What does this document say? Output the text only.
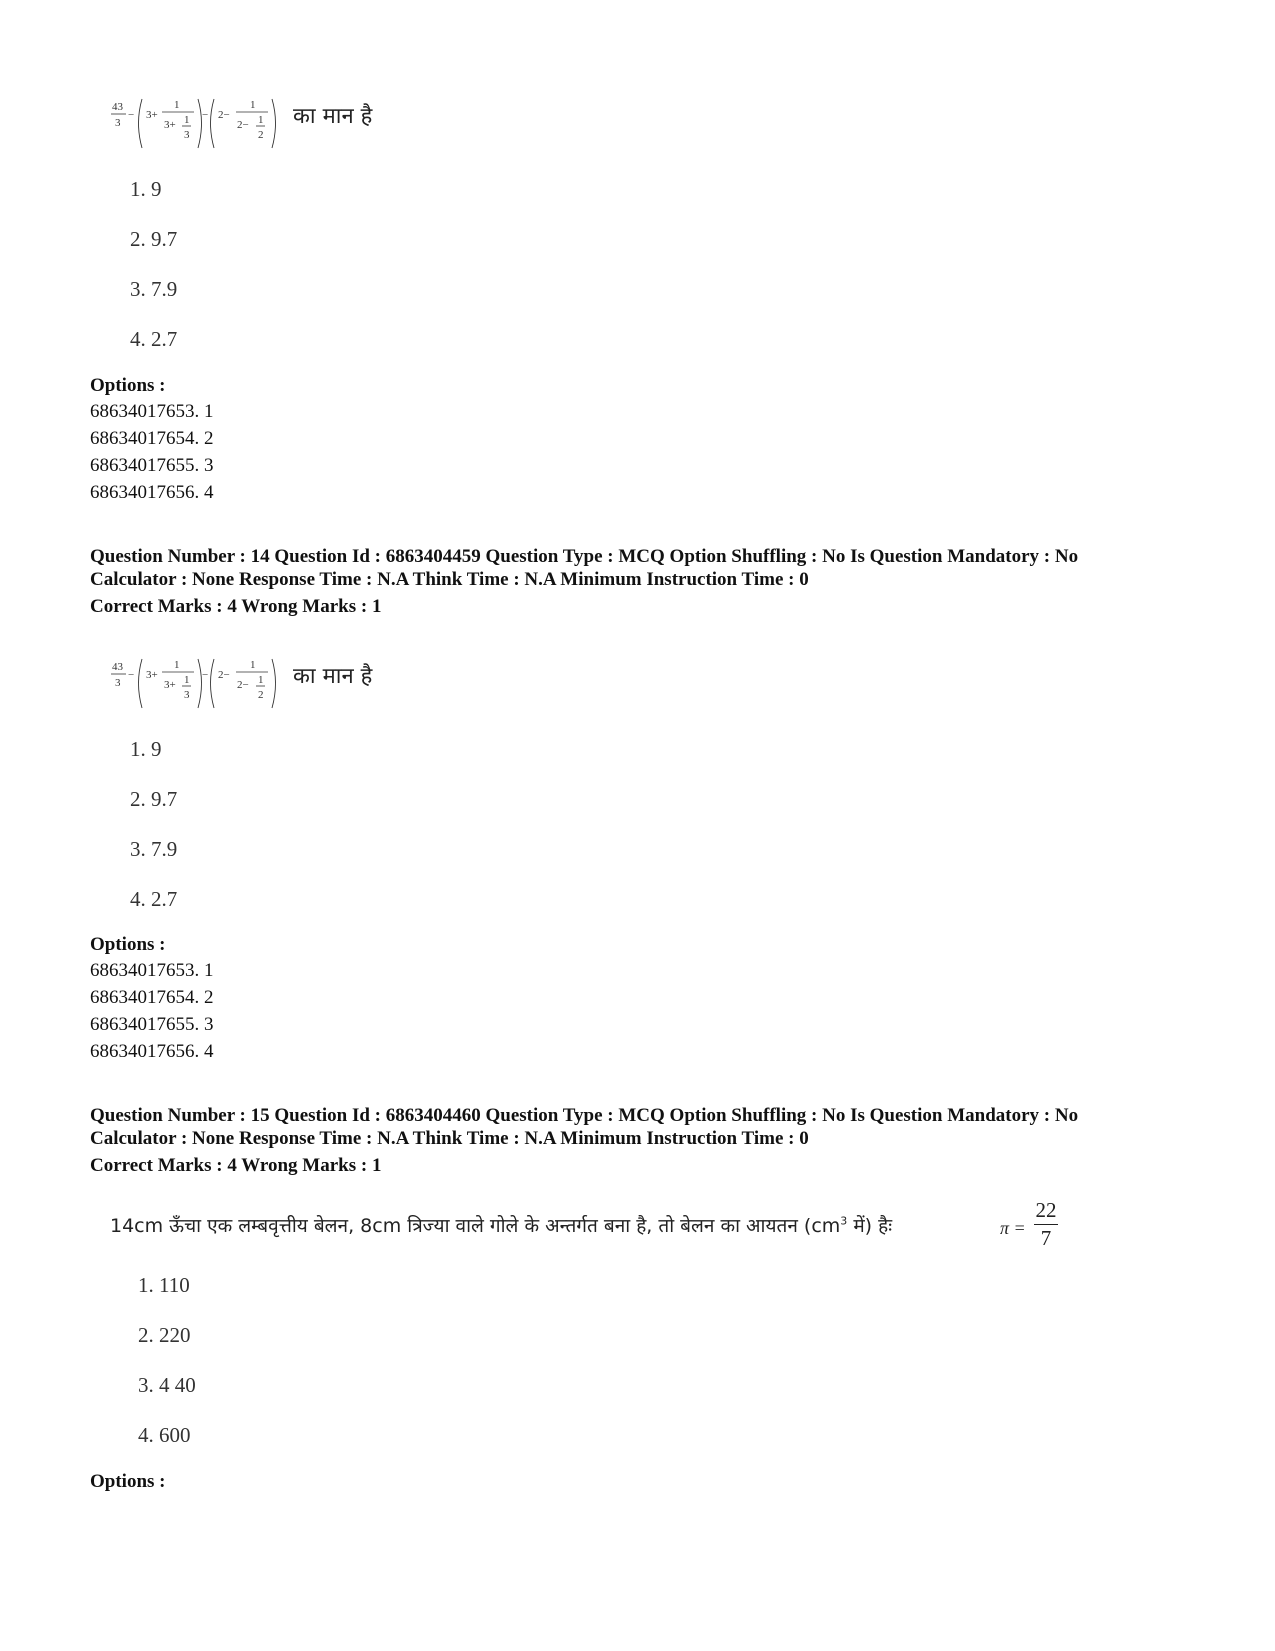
43
3
− 3+
1
3+ 1
3
− 2−
1
2− 1
2
का मान है
1. 9
2. 9.7
3. 7.9
4. 2.7
Options :
68634017653. 1
68634017654. 2
68634017655. 3
68634017656. 4
Question Number : 14 Question Id : 6863404459 Question Type : MCQ Option Shuffling : No Is Question Mandatory : No
Calculator : None Response Time : N.A Think Time : N.A Minimum Instruction Time : 0
Correct Marks : 4 Wrong Marks : 1
43
3
− 3+
1
3+ 1
3
− 2−
1
2− 1
2
का मान है
1. 9
2. 9.7
3. 7.9
4. 2.7
Options :
68634017653. 1
68634017654. 2
68634017655. 3
68634017656. 4
Question Number : 15 Question Id : 6863404460 Question Type : MCQ Option Shuffling : No Is Question Mandatory : No
Calculator : None Response Time : N.A Think Time : N.A Minimum Instruction Time : 0
Correct Marks : 4 Wrong Marks : 1
14cm ऊँचा एक लम्बवृत्तीय बेलन, 8cm त्रिज्या वाले गोले के अन्तर्गत बना है, तो बेलन का आयतन ($cm^3$ में) हैः	π =
22
7
1. 110
2. 220
3. 4 40
4. 600
Options :
